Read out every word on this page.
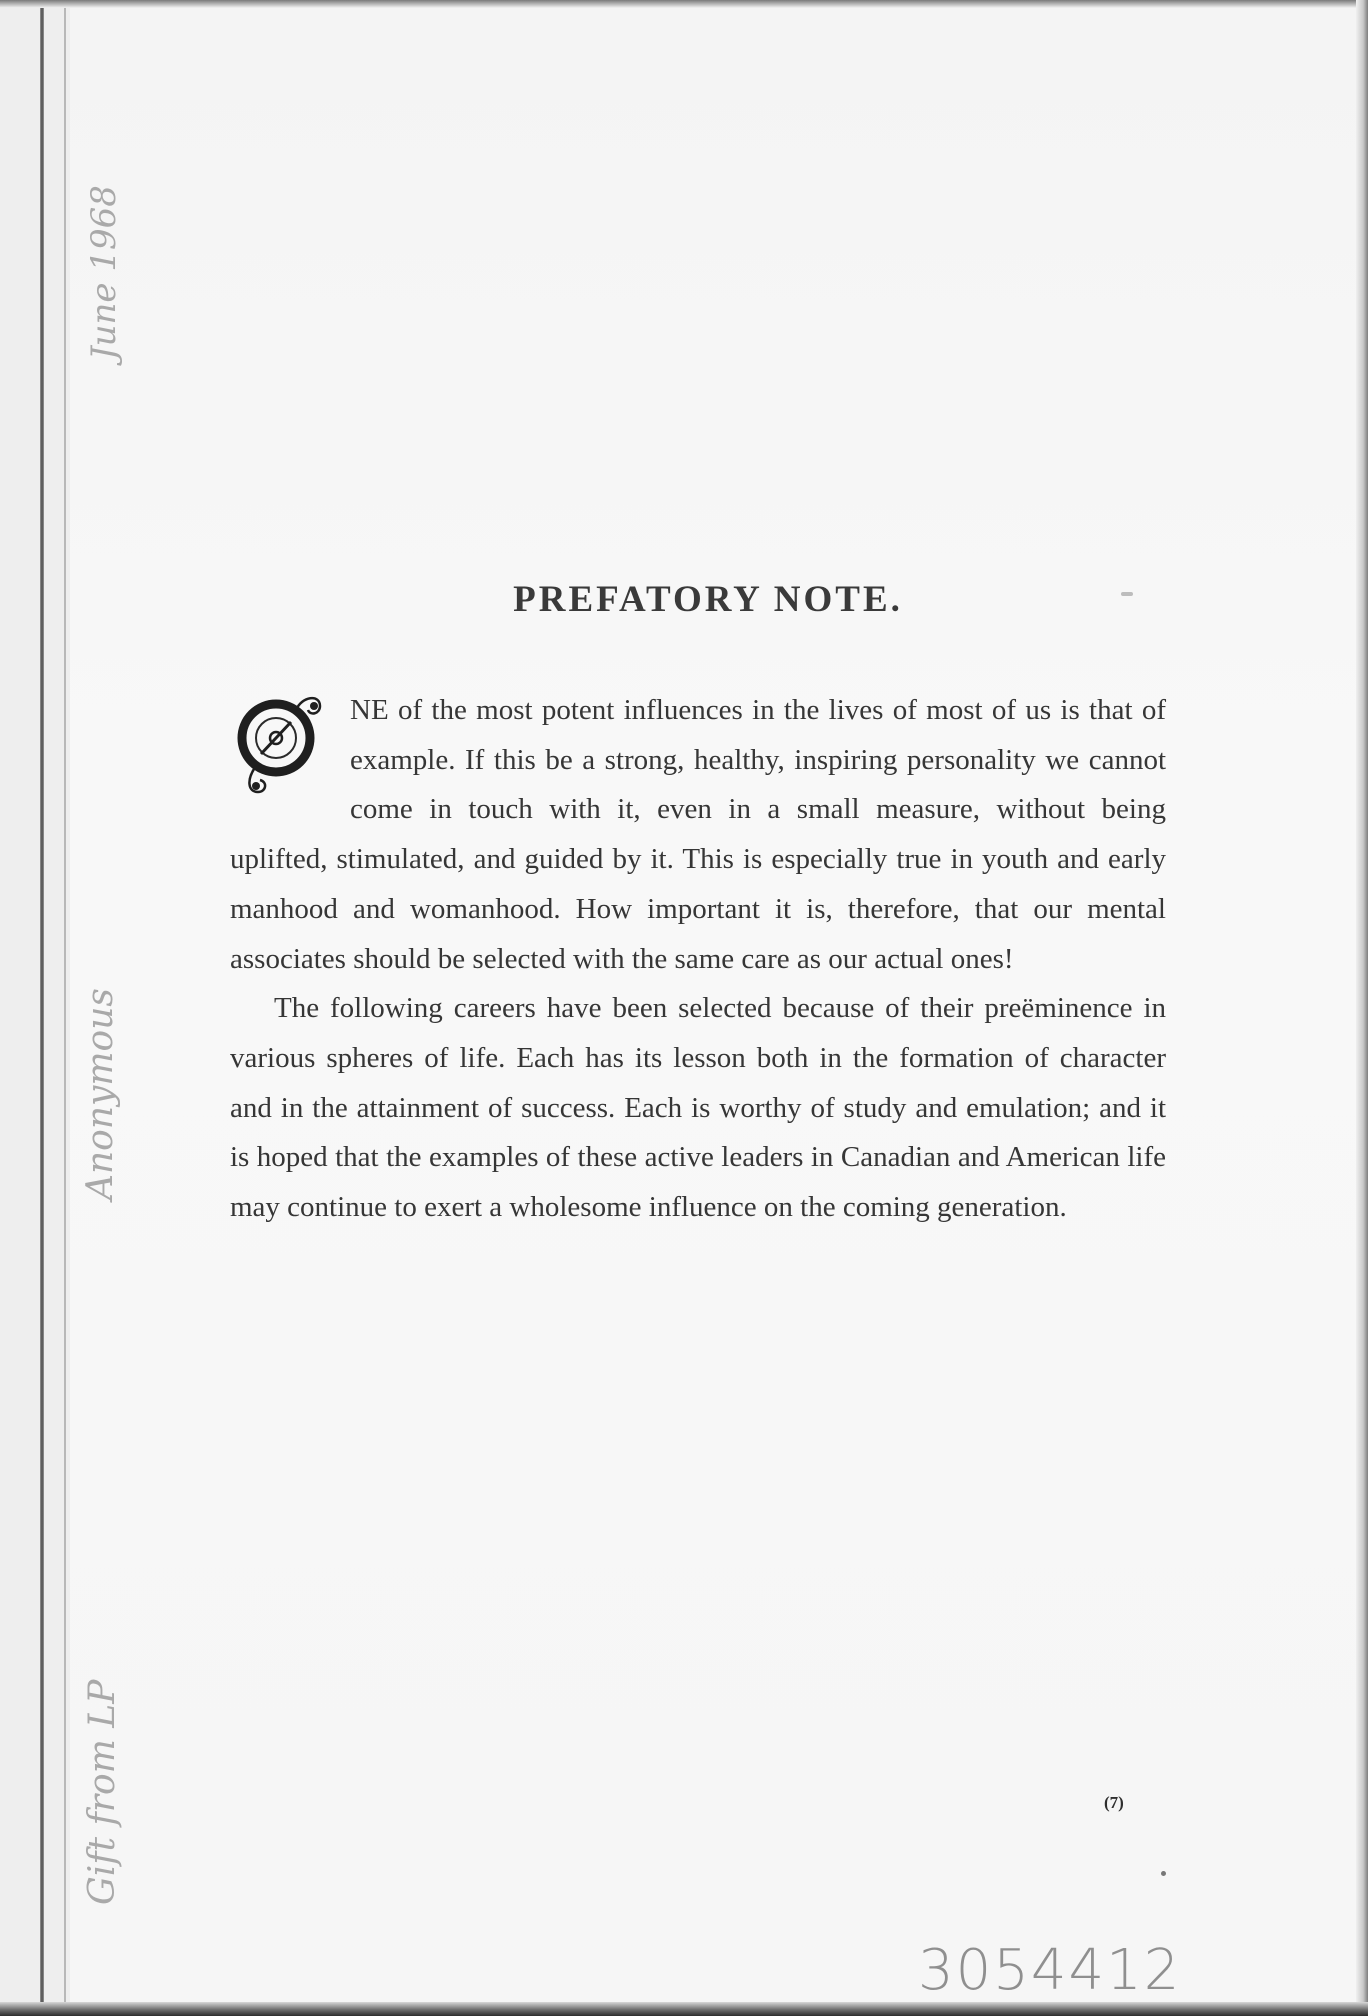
June 1968
Anonymous
Gift from LP
PREFATORY NOTE.

NE of the most potent influences in the lives of most of us is that of example. If this be a strong, healthy, inspiring personality we cannot come in touch with it, even in a small measure, without being uplifted, stimulated, and guided by it. This is especially true in youth and early manhood and womanhood. How important it is, therefore, that our mental associates should be selected with the same care as our actual ones!

The following careers have been selected because of their preëminence in various spheres of life. Each has its lesson both in the formation of character and in the attainment of success. Each is worthy of study and emulation; and it is hoped that the examples of these active leaders in Canadian and American life may continue to exert a wholesome influence on the coming generation.

(7)
3054412
